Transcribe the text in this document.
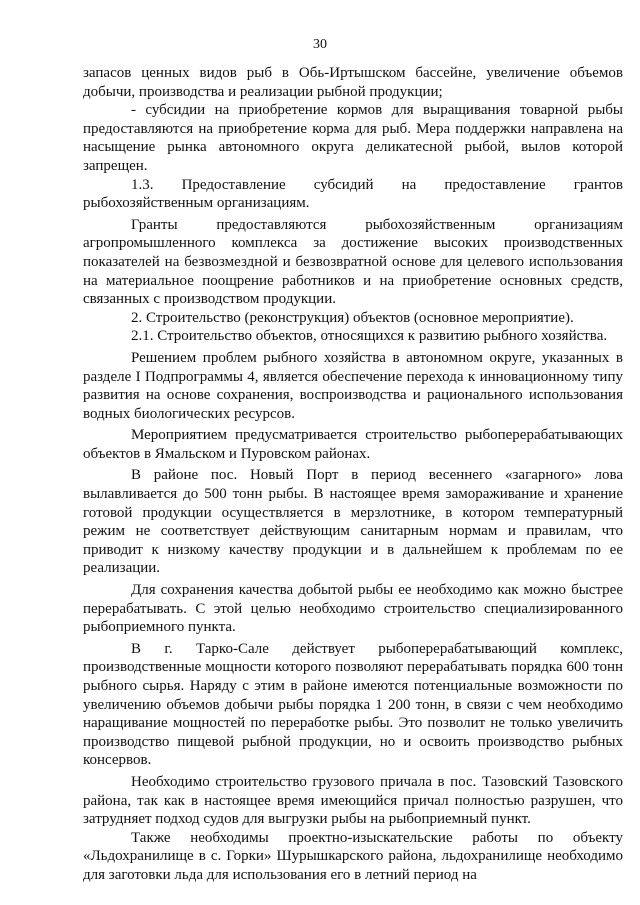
30

запасов ценных видов рыб в Обь-Иртышском бассейне, увеличение объемов добычи, производства и реализации рыбной продукции;

- субсидии на приобретение кормов для выращивания товарной рыбы предоставляются на приобретение корма для рыб. Мера поддержки направлена на насыщение рынка автономного округа деликатесной рыбой, вылов которой запрещен.

1.3. Предоставление субсидий на предоставление грантов рыбохозяйственным организациям.

Гранты предоставляются рыбохозяйственным организациям агропромышленного комплекса за достижение высоких производственных показателей на безвозмездной и безвозвратной основе для целевого использования на материальное поощрение работников и на приобретение основных средств, связанных с производством продукции.

2. Строительство (реконструкция) объектов (основное мероприятие).

2.1. Строительство объектов, относящихся к развитию рыбного хозяйства.

Решением проблем рыбного хозяйства в автономном округе, указанных в разделе I Подпрограммы 4, является обеспечение перехода к инновационному типу развития на основе сохранения, воспроизводства и рационального использования водных биологических ресурсов.

Мероприятием предусматривается строительство рыбоперерабатывающих объектов в Ямальском и Пуровском районах.

В районе пос. Новый Порт в период весеннего «загарного» лова вылавливается до 500 тонн рыбы. В настоящее время замораживание и хранение готовой продукции осуществляется в мерзлотнике, в котором температурный режим не соответствует действующим санитарным нормам и правилам, что приводит к низкому качеству продукции и в дальнейшем к проблемам по ее реализации.

Для сохранения качества добытой рыбы ее необходимо как можно быстрее перерабатывать. С этой целью необходимо строительство специализированного рыбоприемного пункта.

В г. Тарко-Сале действует рыбоперерабатывающий комплекс, производственные мощности которого позволяют перерабатывать порядка 600 тонн рыбного сырья. Наряду с этим в районе имеются потенциальные возможности по увеличению объемов добычи рыбы порядка 1 200 тонн, в связи с чем необходимо наращивание мощностей по переработке рыбы. Это позволит не только увеличить производство пищевой рыбной продукции, но и освоить производство рыбных консервов.

Необходимо строительство грузового причала в пос. Тазовский Тазовского района, так как в настоящее время имеющийся причал полностью разрушен, что затрудняет подход судов для выгрузки рыбы на рыбоприемный пункт.

Также необходимы проектно-изыскательские работы по объекту «Льдохранилище в с. Горки» Шурышкарского района, льдохранилище необходимо для заготовки льда для использования его в летний период на
